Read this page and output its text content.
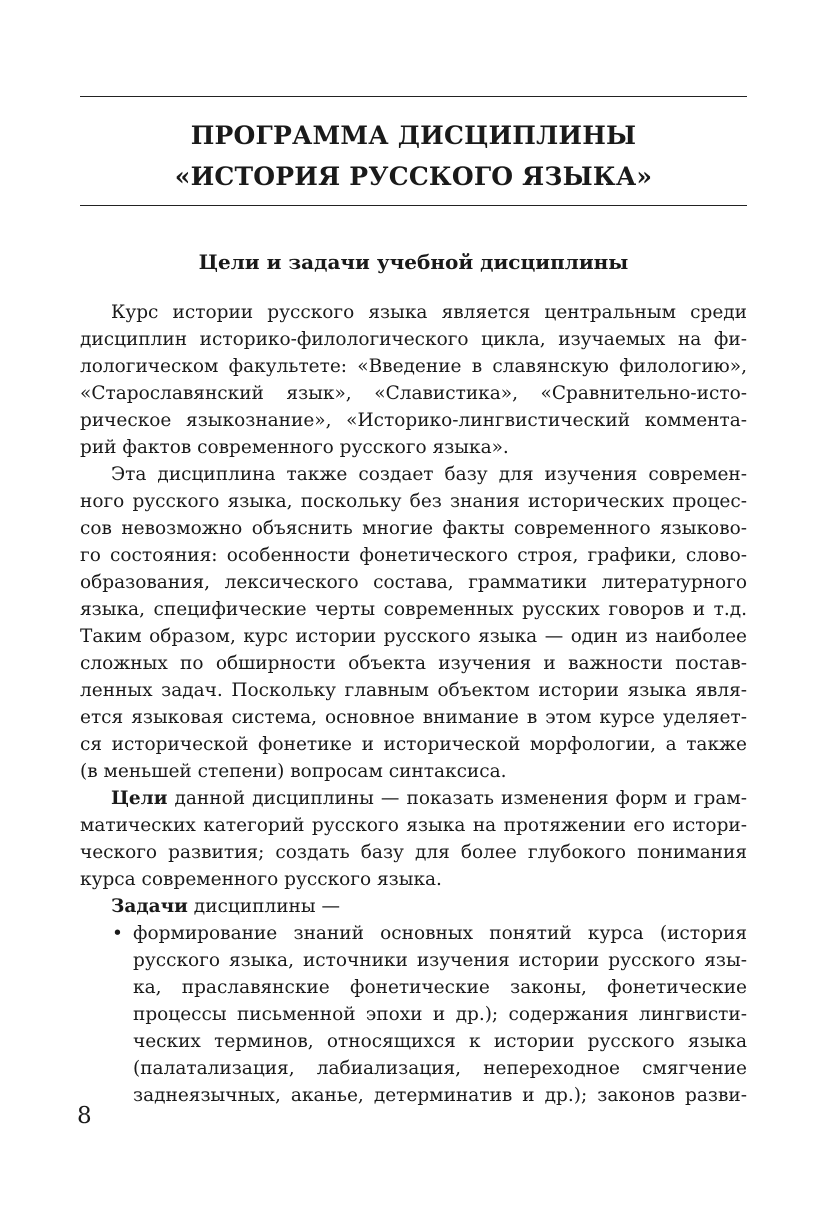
ПРОГРАММА ДИСЦИПЛИНЫ
«ИСТОРИЯ РУССКОГО ЯЗЫКА»
Цели и задачи учебной дисциплины
Курс истории русского языка является центральным среди
дисциплин историко-филологического цикла, изучаемых на фи-
лологическом факультете: «Введение в славянскую филологию»,
«Старославянский язык», «Славистика», «Сравнительно-исто-
рическое языкознание», «Историко-лингвистический коммента-
рий фактов современного русского языка».
Эта дисциплина также создает базу для изучения современ-
ного русского языка, поскольку без знания исторических процес-
сов невозможно объяснить многие факты современного языково-
го состояния: особенности фонетического строя, графики, слово-
образования, лексического состава, грамматики литературного
языка, специфические черты современных русских говоров и т.д.
Таким образом, курс истории русского языка — один из наиболее
сложных по обширности объекта изучения и важности постав-
ленных задач. Поскольку главным объектом истории языка явля-
ется языковая система, основное внимание в этом курсе уделяет-
ся исторической фонетике и исторической морфологии, а также
(в меньшей степени) вопросам синтаксиса.
Цели данной дисциплины — показать изменения форм и грам-
матических категорий русского языка на протяжении его истори-
ческого развития; создать базу для более глубокого понимания
курса современного русского языка.
Задачи дисциплины —
• формирование знаний основных понятий курса (история
русского языка, источники изучения истории русского язы-
ка, праславянские фонетические законы, фонетические
процессы письменной эпохи и др.); содержания лингвисти-
ческих терминов, относящихся к истории русского языка
(палатализация, лабиализация, непереходное смягчение
заднеязычных, аканье, детерминатив и др.); законов разви-
8
